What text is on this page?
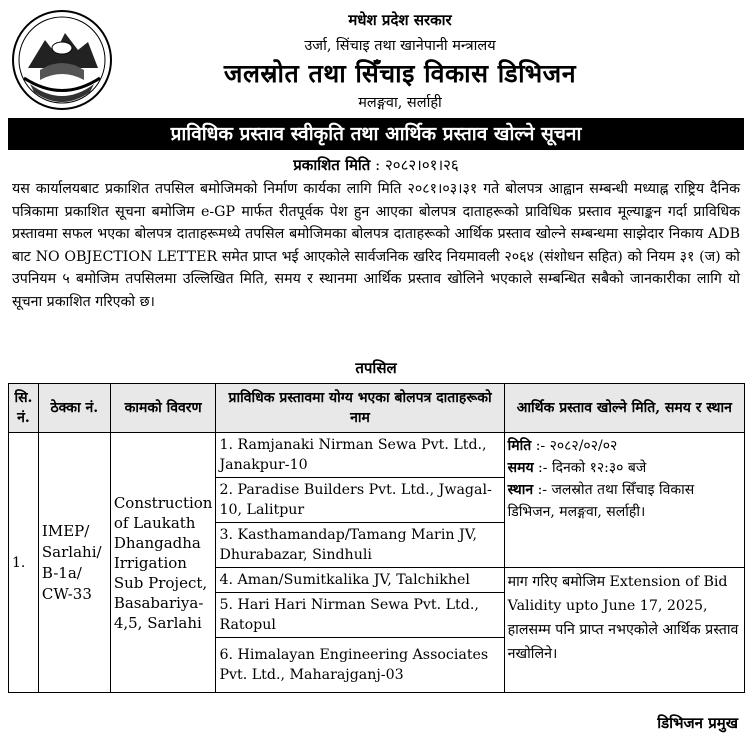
मधेश प्रदेश सरकार
उर्जा, सिंचाइ तथा खानेपानी मन्त्रालय
जलस्रोत तथा सिँचाइ विकास डिभिजन
मलङ्गवा, सर्लाही
प्राविधिक प्रस्ताव स्वीकृति तथा आर्थिक प्रस्ताव खोल्ने सूचना
प्रकाशित मिति : २०८२।०१।२६
यस कार्यालयबाट प्रकाशित तपसिल बमोजिमको निर्माण कार्यका लागि मिति २०८१।०३।३१ गते बोलपत्र आह्वान सम्बन्धी मध्याह्न राष्ट्रिय दैनिक पत्रिकामा प्रकाशित सूचना बमोजिम e-GP मार्फत रीतपूर्वक पेश हुन आएका बोलपत्र दाताहरूको प्राविधिक प्रस्ताव मूल्याङ्कन गर्दा प्राविधिक प्रस्तावमा सफल भएका बोलपत्र दाताहरूमध्ये तपसिल बमोजिमका बोलपत्र दाताहरूको आर्थिक प्रस्ताव खोल्ने सम्बन्धमा साझेदार निकाय ADB बाट NO OBJECTION LETTER समेत प्राप्त भई आएकोले सार्वजनिक खरिद नियमावली २०६४ (संशोधन सहित) को नियम ३१ (ज) को उपनियम ५ बमोजिम तपसिलमा उल्लिखित मिति, समय र स्थानमा आर्थिक प्रस्ताव खोलिने भएकाले सम्बन्धित सबैको जानकारीका लागि यो सूचना प्रकाशित गरिएको छ।
तपसिल
सि. नं.	ठेक्का नं.	कामको विवरण	प्राविधिक प्रस्तावमा योग्य भएका बोलपत्र दाताहरूको नाम	आर्थिक प्रस्ताव खोल्ने मिति, समय र स्थान
1.	IMEP/ Sarlahi/ B-1a/ CW-33	Construction of Laukath Dhangadha Irrigation Sub Project, Basabariya-4,5, Sarlahi	1. Ramjanaki Nirman Sewa Pvt. Ltd., Janakpur-10	मिति :- २०८२/०२/०२
समय :- दिनको १२:३० बजे
स्थान :- जलस्रोत तथा सिँचाइ विकास डिभिजन, मलङ्गवा, सर्लाही।
			2. Paradise Builders Pvt. Ltd., Jwagal-10, Lalitpur	
			3. Kasthamandap/Tamang Marin JV, Dhurabazar, Sindhuli	
			4. Aman/Sumitkalika JV, Talchikhel	माग गरिए बमोजिम Extension of Bid Validity upto June 17, 2025, हालसम्म पनि प्राप्त नभएकोले आर्थिक प्रस्ताव नखोलिने।
			5. Hari Hari Nirman Sewa Pvt. Ltd., Ratopul	
			6. Himalayan Engineering Associates Pvt. Ltd., Maharajganj-03	
डिभिजन प्रमुख
